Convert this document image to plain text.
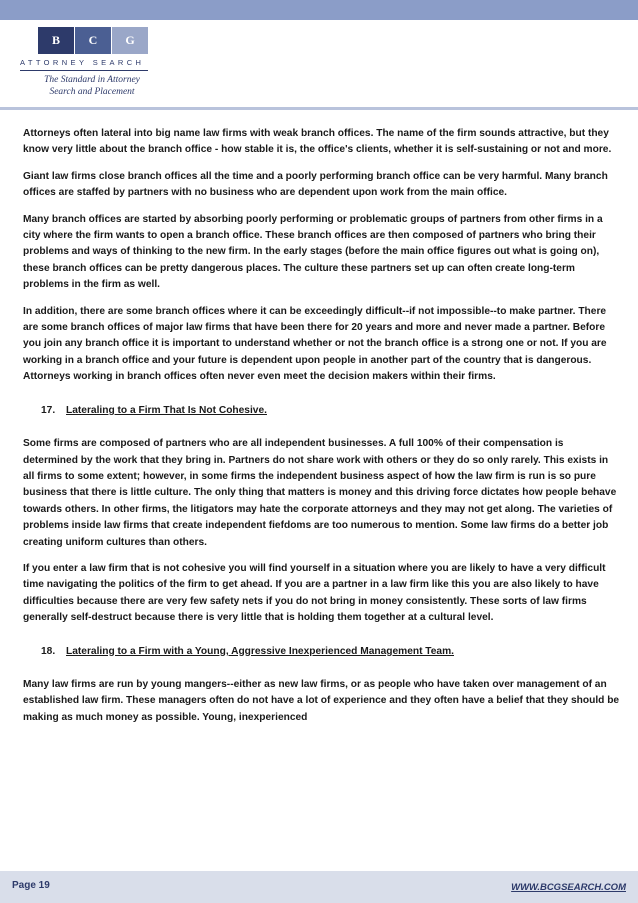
B	C	G
ATTORNEY SEARCH
The Standard in Attorney
Search and Placement

Attorneys often lateral into big name law firms with weak branch offices. The name of the firm sounds attractive, but they know very little about the branch office - how stable it is, the office's clients, whether it is self-sustaining or not and more.

Giant law firms close branch offices all the time and a poorly performing branch office can be very harmful. Many branch offices are staffed by partners with no business who are dependent upon work from the main office.

Many branch offices are started by absorbing poorly performing or problematic groups of partners from other firms in a city where the firm wants to open a branch office. These branch offices are then composed of partners who bring their problems and ways of thinking to the new firm. In the early stages (before the main office figures out what is going on), these branch offices can be pretty dangerous places. The culture these partners set up can often create long-term problems in the firm as well.

In addition, there are some branch offices where it can be exceedingly difficult--if not impossible--to make partner. There are some branch offices of major law firms that have been there for 20 years and more and never made a partner. Before you join any branch office it is important to understand whether or not the branch office is a strong one or not. If you are working in a branch office and your future is dependent upon people in another part of the country that is dangerous. Attorneys working in branch offices often never even meet the decision makers within their firms.

17. Lateraling to a Firm That Is Not Cohesive.

Some firms are composed of partners who are all independent businesses. A full 100% of their compensation is determined by the work that they bring in. Partners do not share work with others or they do so only rarely. This exists in all firms to some extent; however, in some firms the independent business aspect of how the law firm is run is so pure business that there is little culture. The only thing that matters is money and this driving force dictates how people behave towards others. In other firms, the litigators may hate the corporate attorneys and they may not get along. The varieties of problems inside law firms that create independent fiefdoms are too numerous to mention. Some law firms do a better job creating uniform cultures than others.

If you enter a law firm that is not cohesive you will find yourself in a situation where you are likely to have a very difficult time navigating the politics of the firm to get ahead. If you are a partner in a law firm like this you are also likely to have difficulties because there are very few safety nets if you do not bring in money consistently. These sorts of law firms generally self-destruct because there is very little that is holding them together at a cultural level.

18. Lateraling to a Firm with a Young, Aggressive Inexperienced Management Team.

Many law firms are run by young mangers--either as new law firms, or as people who have taken over management of an established law firm. These managers often do not have a lot of experience and they often have a belief that they should be making as much money as possible. Young, inexperienced

Page 19	WWW.BCGSEARCH.COM
